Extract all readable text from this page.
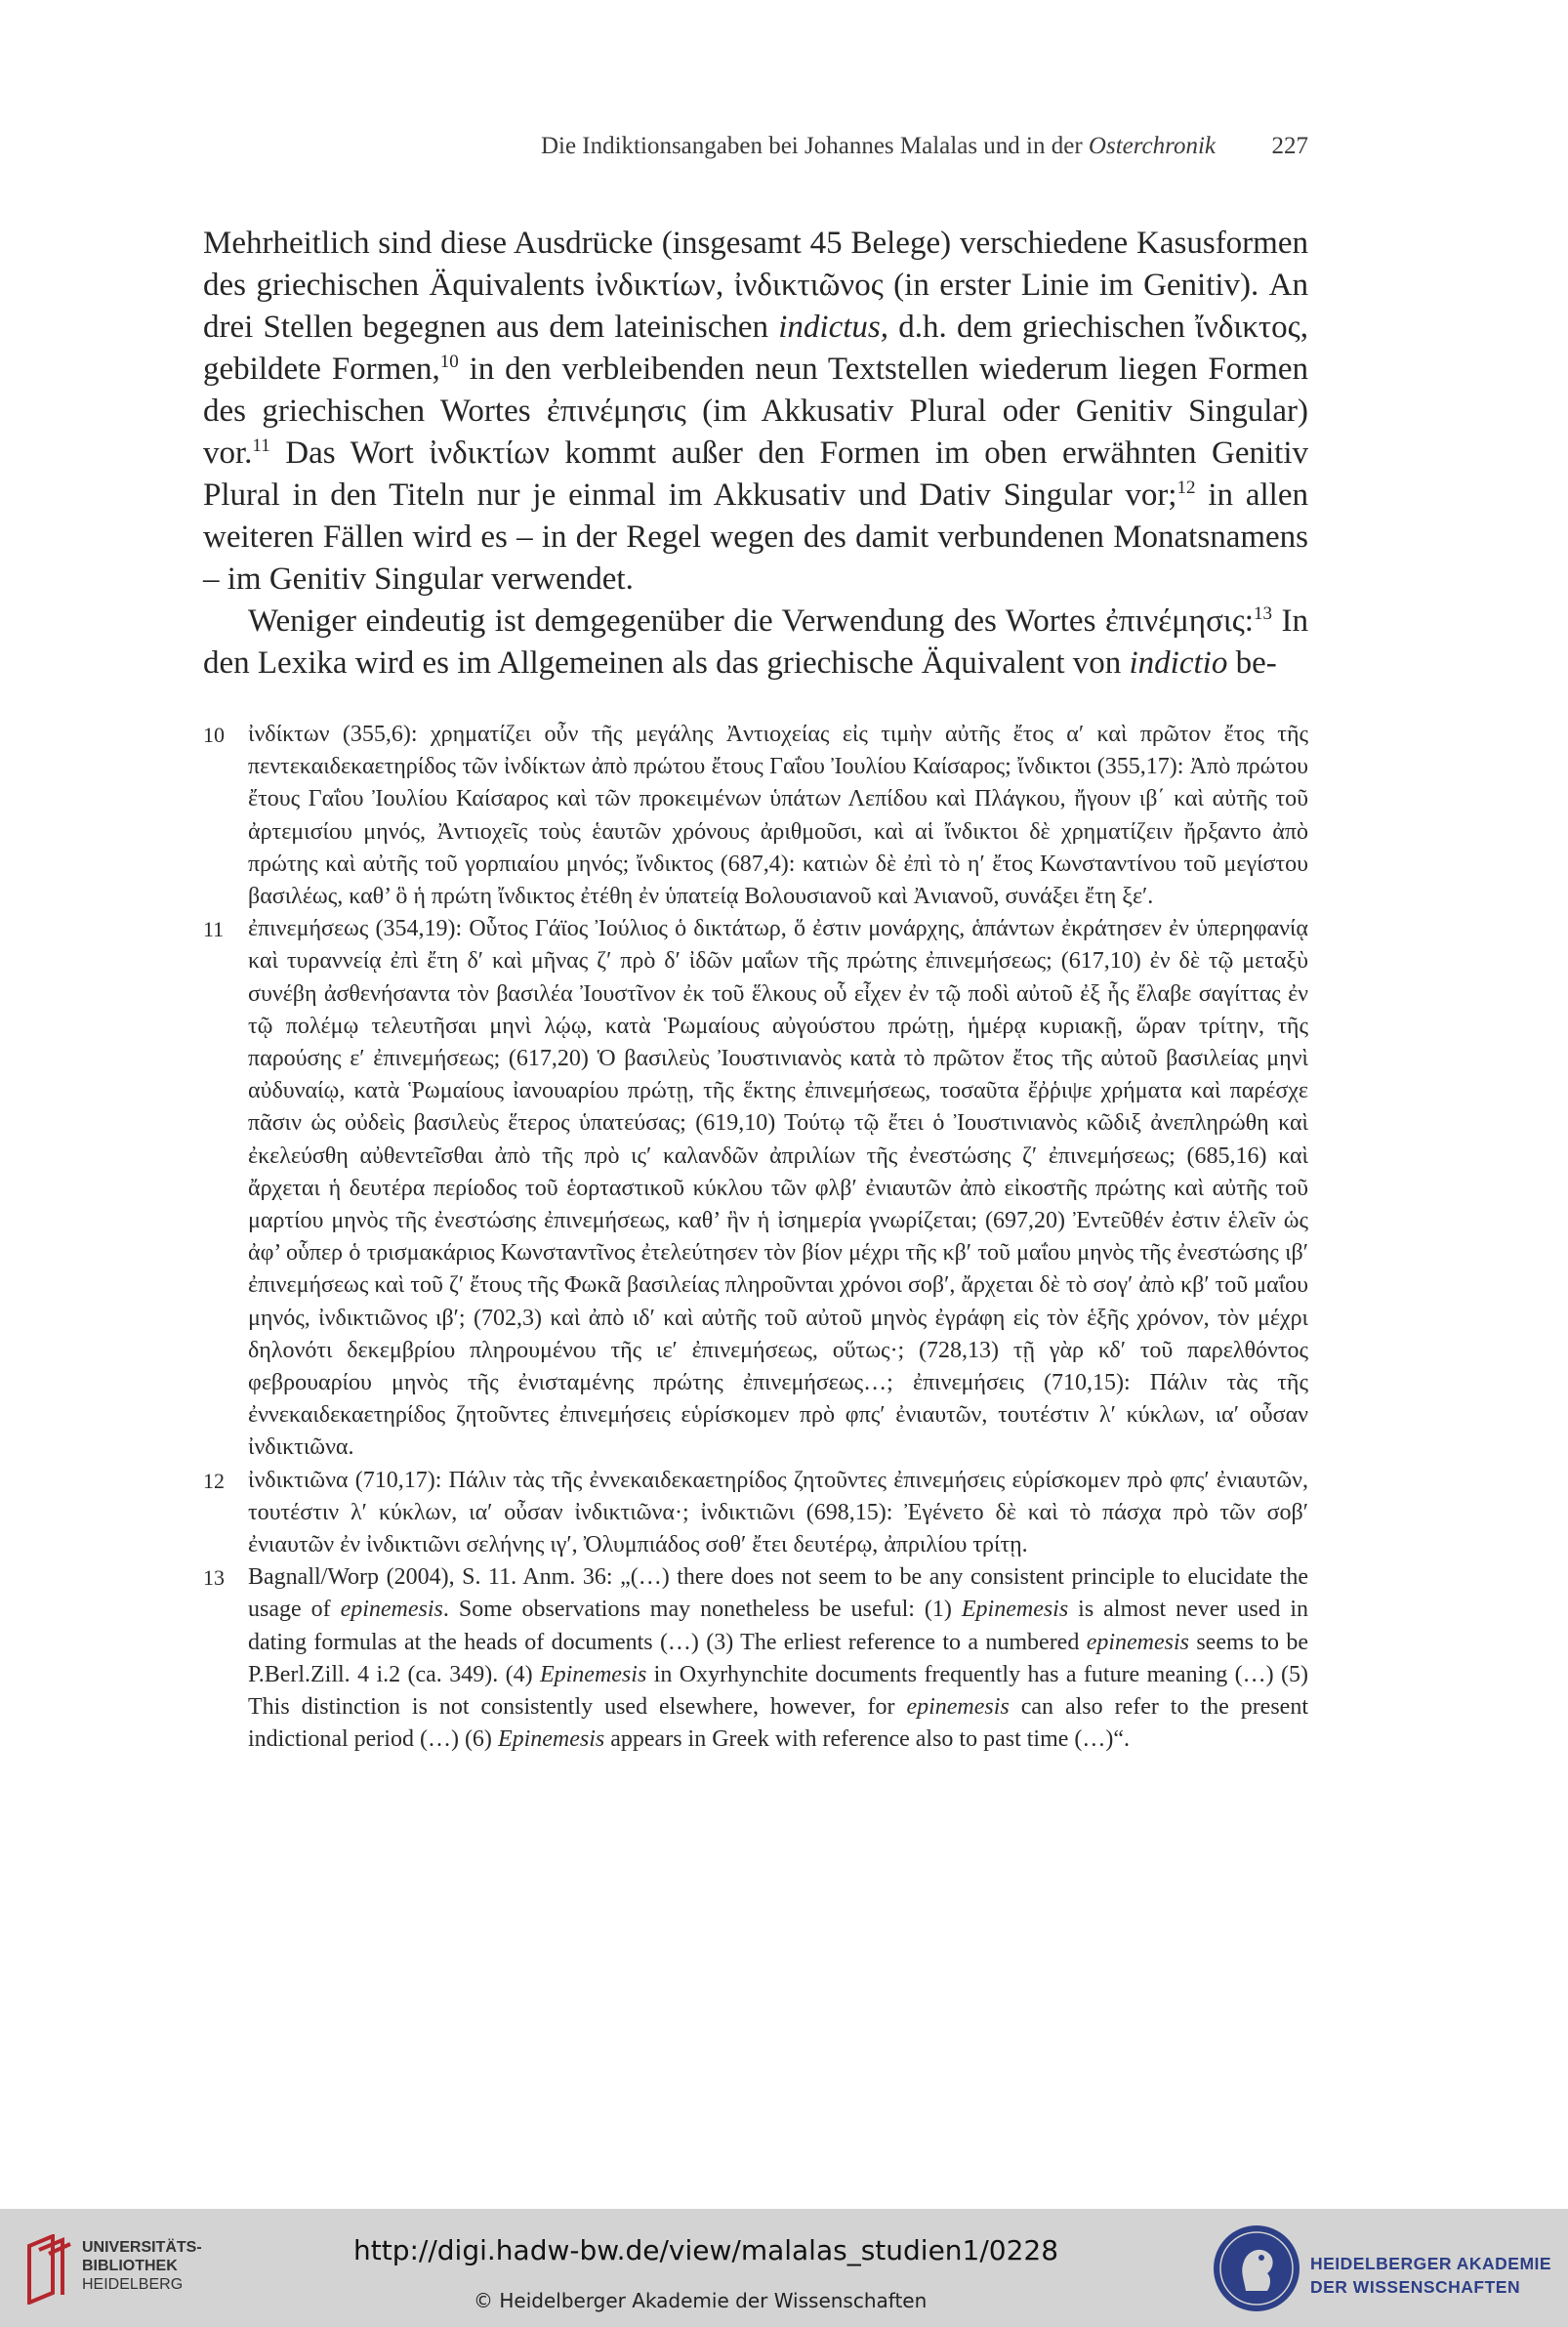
Die Indiktionsangaben bei Johannes Malalas und in der Osterchronik 227

Mehrheitlich sind diese Ausdrücke (insgesamt 45 Belege) verschiedene Kasusformen des griechischen Äquivalents ἰνδικτίων, ἰνδικτιῶνος (in erster Linie im Genitiv). An drei Stellen begegnen aus dem lateinischen indictus, d.h. dem griechischen ἴνδικτος, gebildete Formen,$^{10}$ in den verbleibenden neun Textstellen wiederum liegen Formen des griechischen Wortes ἐπινέμησις (im Akkusativ Plural oder Genitiv Singular) vor.$^{11}$ Das Wort ἰνδικτίων kommt außer den Formen im oben erwähnten Genitiv Plural in den Titeln nur je einmal im Akkusativ und Dativ Singular vor;$^{12}$ in allen weiteren Fällen wird es – in der Regel wegen des damit verbundenen Monatsnamens – im Genitiv Singular verwendet.

Weniger eindeutig ist demgegenüber die Verwendung des Wortes ἐπινέμησις:$^{13}$ In den Lexika wird es im Allgemeinen als das griechische Äquivalent von indictio be-

10	ἰνδίκτων (355,6): χρηματίζει οὖν τῆς μεγάλης Ἀντιοχείας εἰς τιμὴν αὐτῆς ἔτος α′ καὶ πρῶτον ἔτος τῆς πεντεκαιδεκαετηρίδος τῶν ἰνδίκτων ἀπὸ πρώτου ἔτους Γαΐου Ἰουλίου Καίσαρος; ἴνδικτοι (355,17): Ἀπὸ πρώτου ἔτους Γαΐου Ἰουλίου Καίσαρος καὶ τῶν προκειμένων ὑπάτων Λεπίδου καὶ Πλάγκου, ἤγουν ιβ΄ καὶ αὐτῆς τοῦ ἀρτεμισίου μηνός, Ἀντιοχεῖς τοὺς ἑαυτῶν χρόνους ἀριθμοῦσι, καὶ αἱ ἴνδικτοι δὲ χρηματίζειν ἤρξαντο ἀπὸ πρώτης καὶ αὐτῆς τοῦ γορπιαίου μηνός; ἴνδικτος (687,4): κατιὼν δὲ ἐπὶ τὸ η′ ἔτος Κωνσταντίνου τοῦ μεγίστου βασιλέως, καθ’ ὃ ἡ πρώτη ἴνδικτος ἐτέθη ἐν ὑπατείᾳ Βολουσιανοῦ καὶ Ἀνιανοῦ, συνάξει ἔτη ξε′.

11	ἐπινεμήσεως (354,19): Οὗτος Γάϊος Ἰούλιος ὁ δικτάτωρ, ὅ ἐστιν μονάρχης, ἁπάντων ἐκράτησεν ἐν ὑπερηφανίᾳ καὶ τυραννείᾳ ἐπὶ ἔτη δ′ καὶ μῆνας ζ′ πρὸ δ′ ἰδῶν μαΐων τῆς πρώτης ἐπινεμήσεως; (617,10) ἐν δὲ τῷ μεταξὺ συνέβη ἀσθενήσαντα τὸν βασιλέα Ἰουστῖνον ἐκ τοῦ ἕλκους οὗ εἶχεν ἐν τῷ ποδὶ αὐτοῦ ἐξ ἧς ἔλαβε σαγίττας ἐν τῷ πολέμῳ τελευτῆσαι μηνὶ λῴῳ, κατὰ Ῥωμαίους αὐγούστου πρώτῃ, ἡμέρᾳ κυριακῇ, ὥραν τρίτην, τῆς παρούσης ε′ ἐπινεμήσεως; (617,20) Ὁ βασιλεὺς Ἰουστινιανὸς κατὰ τὸ πρῶτον ἔτος τῆς αὐτοῦ βασιλείας μηνὶ αὐδυναίῳ, κατὰ Ῥωμαίους ἰανουαρίου πρώτῃ, τῆς ἕκτης ἐπινεμήσεως, τοσαῦτα ἔῤῥιψε χρήματα καὶ παρέσχε πᾶσιν ὡς οὐδεὶς βασιλεὺς ἕτερος ὑπατεύσας; (619,10) Τούτῳ τῷ ἔτει ὁ Ἰουστινιανὸς κῶδιξ ἀνεπληρώθη καὶ ἐκελεύσθη αὐθεντεῖσθαι ἀπὸ τῆς πρὸ ις′ καλανδῶν ἀπριλίων τῆς ἐνεστώσης ζ′ ἐπινεμήσεως; (685,16) καὶ ἄρχεται ἡ δευτέρα περίοδος τοῦ ἑορταστικοῦ κύκλου τῶν φλβ′ ἐνιαυτῶν ἀπὸ εἰκοστῆς πρώτης καὶ αὐτῆς τοῦ μαρτίου μηνὸς τῆς ἐνεστώσης ἐπινεμήσεως, καθ’ ἣν ἡ ἰσημερία γνωρίζεται; (697,20) Ἐντεῦθέν ἐστιν ἑλεῖν ὡς ἀφ’ οὗπερ ὁ τρισμακάριος Κωνσταντῖνος ἐτελεύτησεν τὸν βίον μέχρι τῆς κβ′ τοῦ μαΐου μηνὸς τῆς ἐνεστώσης ιβ′ ἐπινεμήσεως καὶ τοῦ ζ′ ἔτους τῆς Φωκᾶ βασιλείας πληροῦνται χρόνοι σοβ′, ἄρχεται δὲ τὸ σογ′ ἀπὸ κβ′ τοῦ μαΐου μηνός, ἰνδικτιῶνος ιβ′; (702,3) καὶ ἀπὸ ιδ′ καὶ αὐτῆς τοῦ αὐτοῦ μηνὸς ἐγράφη εἰς τὸν ἑξῆς χρόνον, τὸν μέχρι δηλονότι δεκεμβρίου πληρουμένου τῆς ιε′ ἐπινεμήσεως, οὕτως·; (728,13) τῇ γὰρ κδ′ τοῦ παρελθόντος φεβρουαρίου μηνὸς τῆς ἐνισταμένης πρώτης ἐπινεμήσεως…; ἐπινεμήσεις (710,15): Πάλιν τὰς τῆς ἐννεκαιδεκαετηρίδος ζητοῦντες ἐπινεμήσεις εὑρίσκομεν πρὸ φπς′ ἐνιαυτῶν, τουτέστιν λ′ κύκλων, ια′ οὖσαν ἰνδικτιῶνα.

12	ἰνδικτιῶνα (710,17): Πάλιν τὰς τῆς ἐννεκαιδεκαετηρίδος ζητοῦντες ἐπινεμήσεις εὑρίσκομεν πρὸ φπς′ ἐνιαυτῶν, τουτέστιν λ′ κύκλων, ια′ οὖσαν ἰνδικτιῶνα·; ἰνδικτιῶνι (698,15): Ἐγένετο δὲ καὶ τὸ πάσχα πρὸ τῶν σοβ′ ἐνιαυτῶν ἐν ἰνδικτιῶνι σελήνης ιγ′, Ὀλυμπιάδος σοθ′ ἔτει δευτέρῳ, ἀπριλίου τρίτῃ.

13	Bagnall/Worp (2004), S. 11. Anm. 36: „(…) there does not seem to be any consistent principle to elucidate the usage of epinemesis. Some observations may nonetheless be useful: (1) Epinemesis is almost never used in dating formulas at the heads of documents (…) (3) The erliest reference to a numbered epinemesis seems to be P.Berl.Zill. 4 i.2 (ca. 349). (4) Epinemesis in Oxyrhynchite documents frequently has a future meaning (…) (5) This distinction is not consistently used elsewhere, however, for epinemesis can also refer to the present indictional period (…) (6) Epinemesis appears in Greek with reference also to past time (…)“.

UNIVERSITÄTS-
BIBLIOTHEK
HEIDELBERG
http://digi.hadw-bw.de/view/malalas_studien1/0228
© Heidelberger Akademie der Wissenschaften
HEIDELBERGER AKADEMIE
DER WISSENSCHAFTEN
